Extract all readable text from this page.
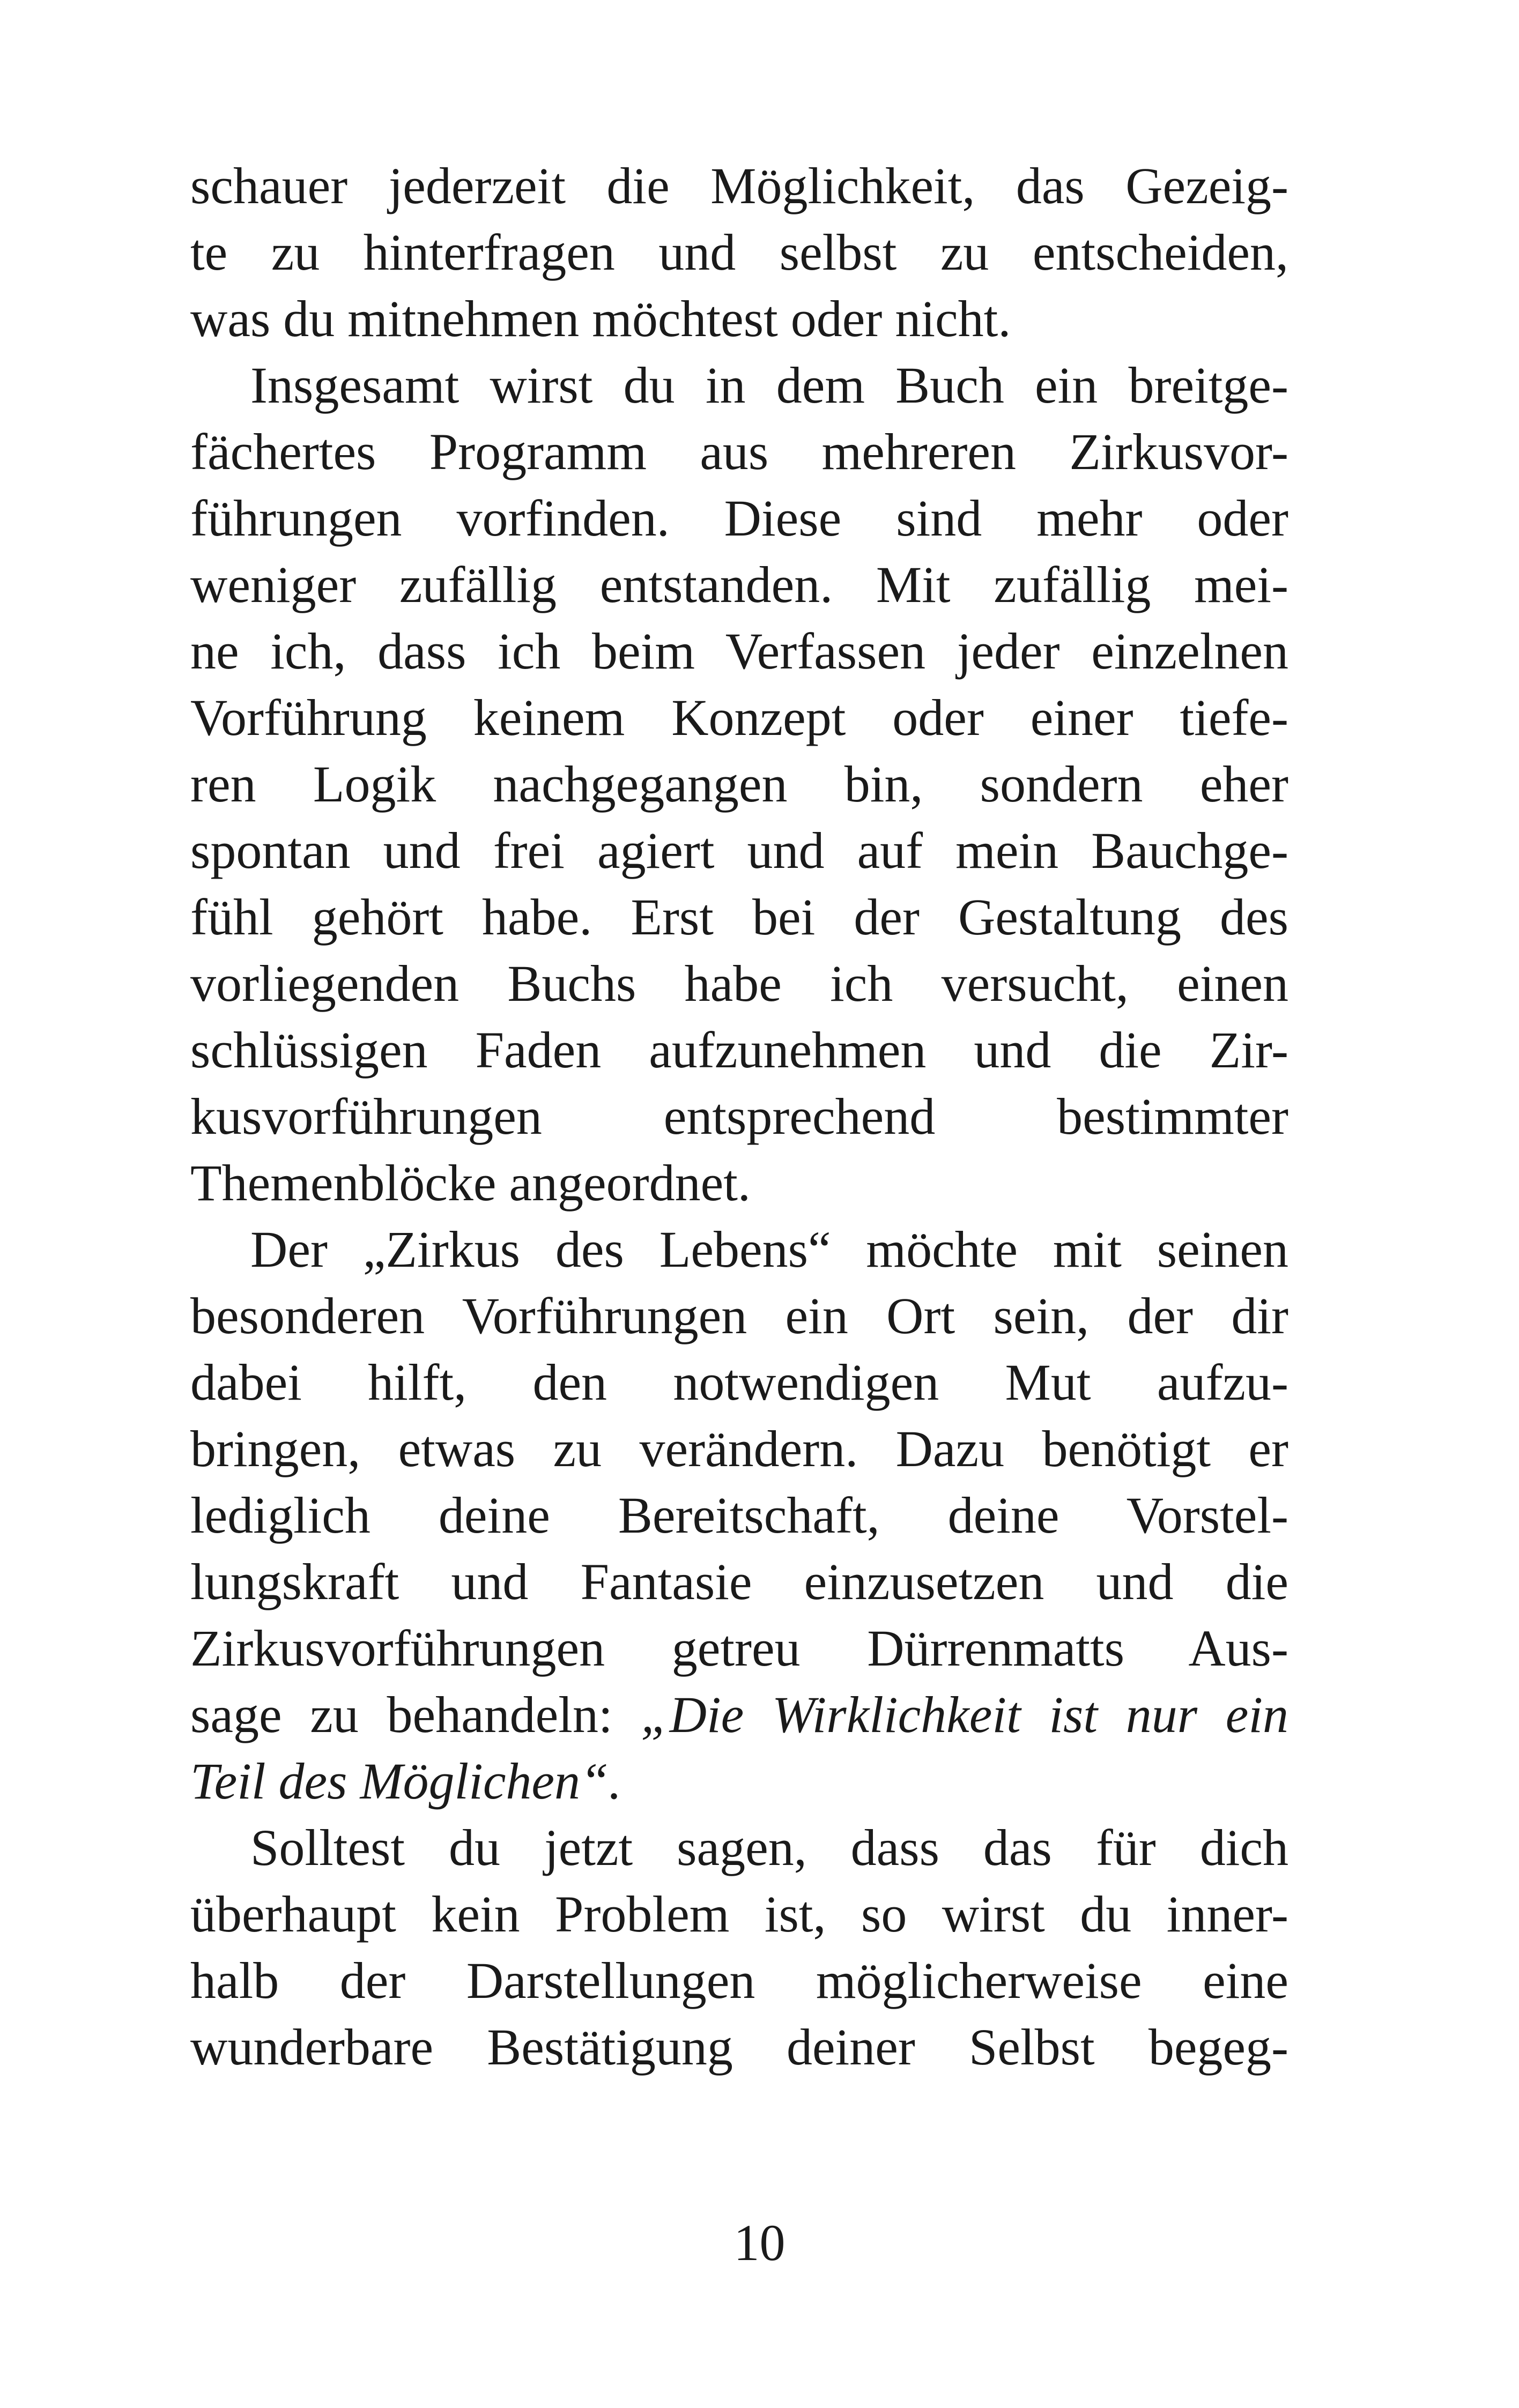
schauer jederzeit die Möglichkeit, das Gezeig-
te zu hinterfragen und selbst zu entscheiden,
was du mitnehmen möchtest oder nicht.
Insgesamt wirst du in dem Buch ein breitge-
fächertes Programm aus mehreren Zirkusvor-
führungen vorfinden. Diese sind mehr oder
weniger zufällig entstanden. Mit zufällig mei-
ne ich, dass ich beim Verfassen jeder einzelnen
Vorführung keinem Konzept oder einer tiefe-
ren Logik nachgegangen bin, sondern eher
spontan und frei agiert und auf mein Bauchge-
fühl gehört habe. Erst bei der Gestaltung des
vorliegenden Buchs habe ich versucht, einen
schlüssigen Faden aufzunehmen und die Zir-
kusvorführungen entsprechend bestimmter
Themenblöcke angeordnet.
Der „Zirkus des Lebens“ möchte mit seinen
besonderen Vorführungen ein Ort sein, der dir
dabei hilft, den notwendigen Mut aufzu-
bringen, etwas zu verändern. Dazu benötigt er
lediglich deine Bereitschaft, deine Vorstel-
lungskraft und Fantasie einzusetzen und die
Zirkusvorführungen getreu Dürrenmatts Aus-
sage zu behandeln: „Die Wirklichkeit ist nur ein
Teil des Möglichen“.
Solltest du jetzt sagen, dass das für dich
überhaupt kein Problem ist, so wirst du inner-
halb der Darstellungen möglicherweise eine
wunderbare Bestätigung deiner Selbst begeg-
10
